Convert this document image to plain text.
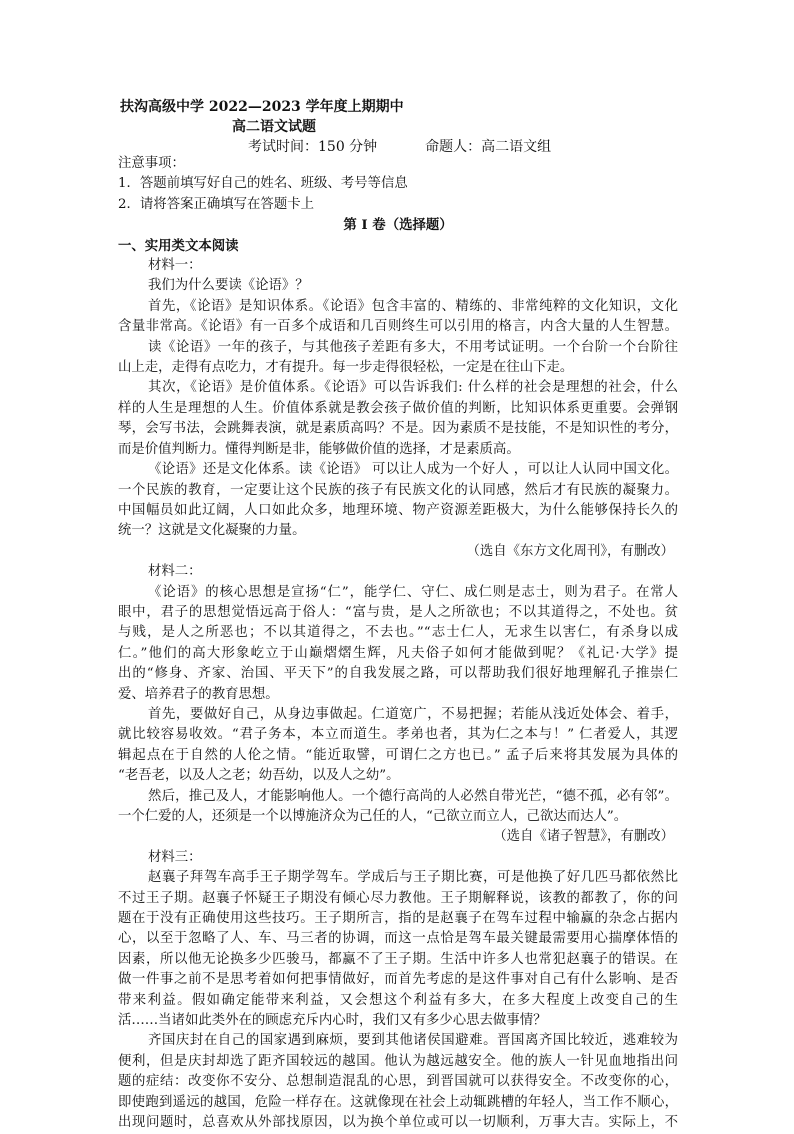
扶沟高级中学 2022—2023 学年度上期期中
高二语文试题
考试时间：150 分钟	命题人：高二语文组

注意事项：

1．答题前填写好自己的姓名、班级、考号等信息

2．请将答案正确填写在答题卡上

第 I 卷（选择题）

一、实用类文本阅读

材料一：

我们为什么要读《论语》？

首先，《论语》是知识体系。《论语》包含丰富的、精练的、非常纯粹的文化知识，文化

含量非常高。《论语》有一百多个成语和几百则终生可以引用的格言，内含大量的人生智慧。

读《论语》一年的孩子，与其他孩子差距有多大，不用考试证明。一个台阶一个台阶往

山上走，走得有点吃力，才有提升。每一步走得很轻松，一定是在往山下走。

其次，《论语》是价值体系。《论语》可以告诉我们: 什么样的社会是理想的社会，什么

样的人生是理想的人生。价值体系就是教会孩子做价值的判断，比知识体系更重要。会弹钢

琴，会写书法，会跳舞表演，就是素质高吗？不是。因为素质不是技能，不是知识性的考分，

而是价值判断力。懂得判断是非，能够做价值的选择，才是素质高。

《论语》还是文化体系。读《论语》 可以让人成为一个好人 ，可以让人认同中国文化。

一个民族的教育，一定要让这个民族的孩子有民族文化的认同感，然后才有民族的凝聚力。

中国幅员如此辽阔，人口如此众多，地理环境、物产资源差距极大，为什么能够保持长久的

统一？这就是文化凝聚的力量。

（选自《东方文化周刊》，有删改）

材料二：

《论语》的核心思想是宣扬“仁”，能学仁、守仁、成仁则是志士，则为君子。在常人

眼中，君子的思想觉悟远高于俗人：“富与贵，是人之所欲也；不以其道得之，不处也。贫

与贱，是人之所恶也；不以其道得之，不去也。”“志士仁人，无求生以害仁，有杀身以成

仁。”他们的高大形象屹立于山巅熠熠生辉，凡夫俗子如何才能做到呢？《礼记·大学》提

出的“修身、齐家、治国、平天下”的自我发展之路，可以帮助我们很好地理解孔子推崇仁

爱、培养君子的教育思想。

首先，要做好自己，从身边事做起。仁道宽广，不易把握；若能从浅近处体会、着手，

就比较容易收效。“君子务本，本立而道生。孝弟也者，其为仁之本与！” 仁者爱人，其逻

辑起点在于自然的人伦之情。“能近取譬，可谓仁之方也已。” 孟子后来将其发展为具体的

“老吾老，以及人之老；幼吾幼，以及人之幼”。

然后，推己及人，才能影响他人。一个德行高尚的人必然自带光芒，“德不孤，必有邻”。

一个仁爱的人，还须是一个以博施济众为己任的人，“己欲立而立人，己欲达而达人”。

（选自《诸子智慧》，有删改）

材料三：

赵襄子拜驾车高手王子期学驾车。学成后与王子期比赛，可是他换了好几匹马都依然比

不过王子期。赵襄子怀疑王子期没有倾心尽力教他。王子期解释说，该教的都教了，你的问

题在于没有正确使用这些技巧。王子期所言，指的是赵襄子在驾车过程中输赢的杂念占据内

心，以至于忽略了人、车、马三者的协调，而这一点恰是驾车最关键最需要用心揣摩体悟的

因素，所以他无论换多少匹骏马，都赢不了王子期。生活中许多人也常犯赵襄子的错误。在

做一件事之前不是思考着如何把事情做好，而首先考虑的是这件事对自己有什么影响、是否

带来利益。假如确定能带来利益，又会想这个利益有多大，在多大程度上改变自己的生

活……当诸如此类外在的顾虑充斥内心时，我们又有多少心思去做事情？

齐国庆封在自己的国家遇到麻烦，要到其他诸侯国避难。晋国离齐国比较近，逃难较为

便利，但是庆封却选了距齐国较远的越国。他认为越远越安全。他的族人一针见血地指出问

题的症结：改变你不安分、总想制造混乱的心思，到晋国就可以获得安全。不改变你的心，

即使跑到遥远的越国，危险一样存在。这就像现在社会上动辄跳槽的年轻人，当工作不顺心，

出现问题时，总喜欢从外部找原因，以为换个单位或可以一切顺利，万事大吉。实际上，不
